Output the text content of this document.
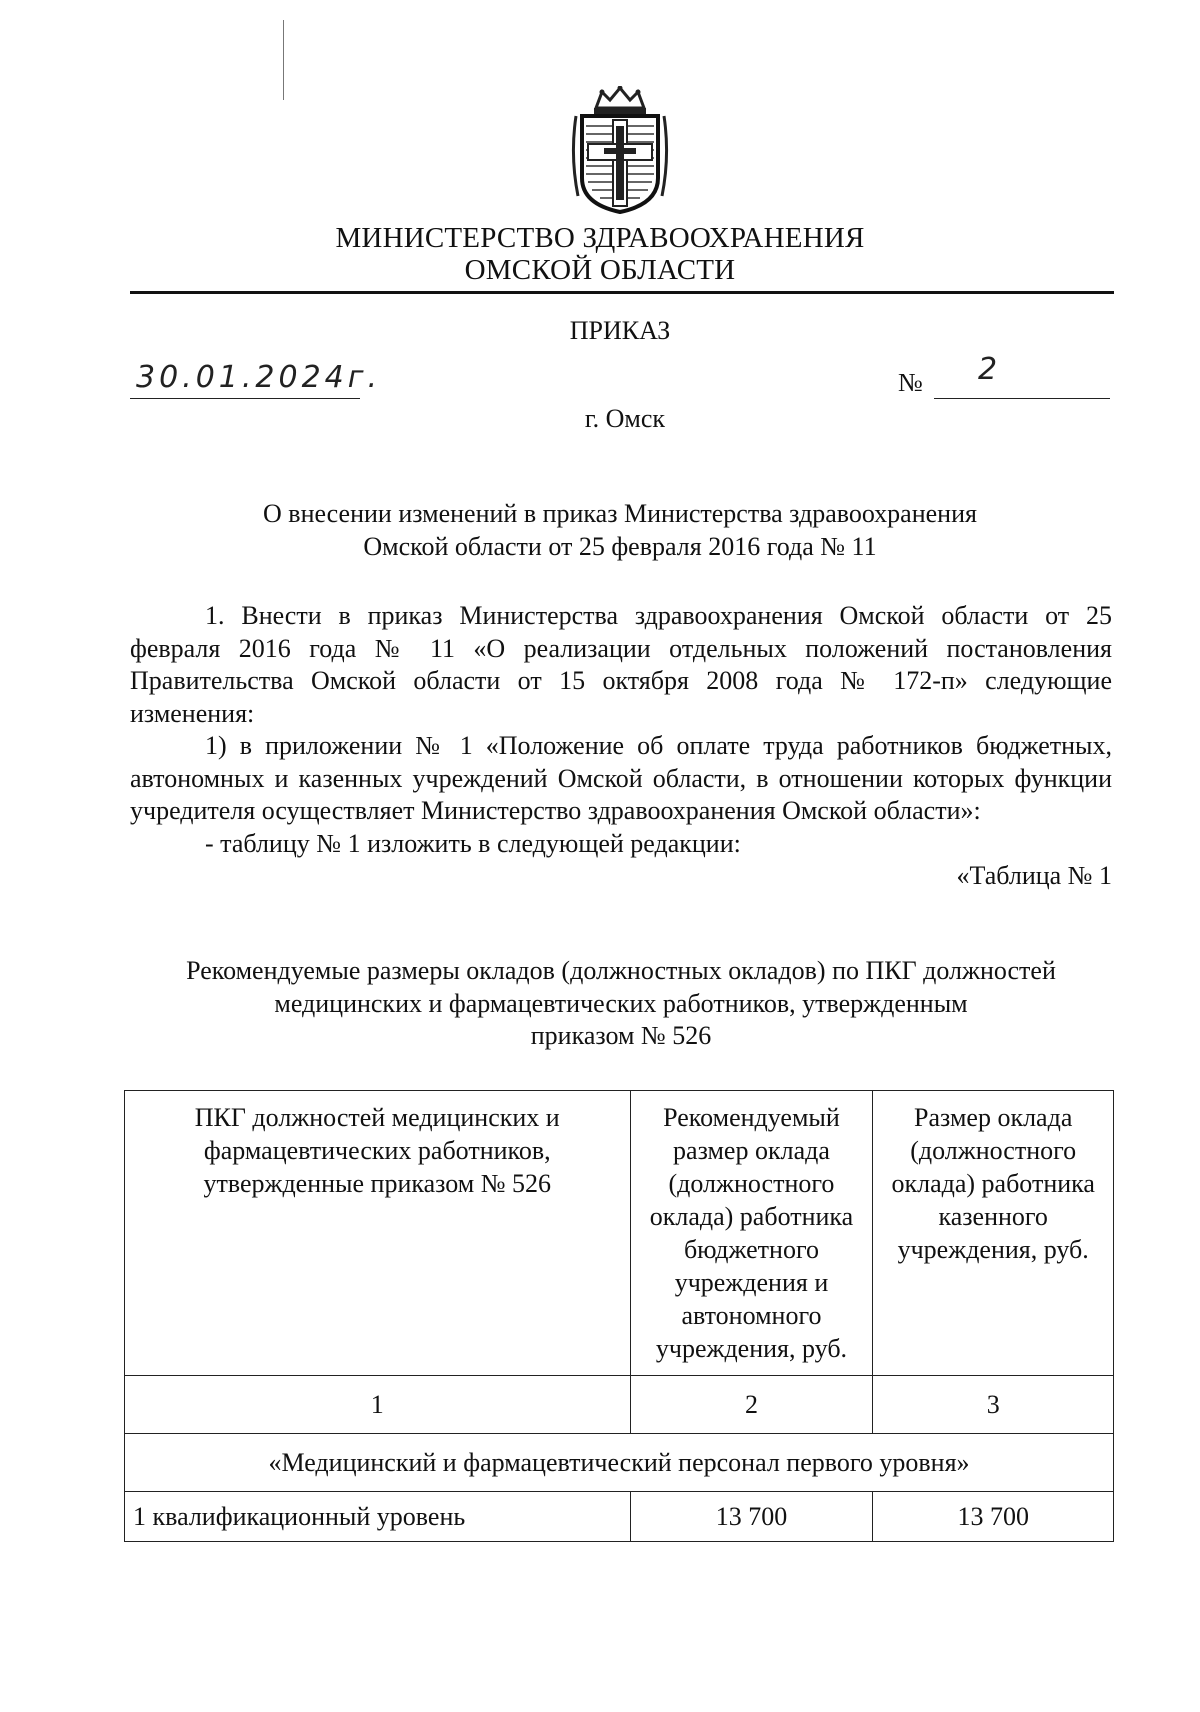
МИНИСТЕРСТВО ЗДРАВООХРАНЕНИЯ
ОМСКОЙ ОБЛАСТИ
ПРИКАЗ
30.01.2024г.	№ 2
г. Омск
О внесении изменений в приказ Министерства здравоохранения
Омской области от 25 февраля 2016 года № 11

1. Внести в приказ Министерства здравоохранения Омской области от 25 февраля 2016 года № 11 «О реализации отдельных положений постановления Правительства Омской области от 15 октября 2008 года № 172-п» следующие изменения:

1) в приложении № 1 «Положение об оплате труда работников бюджетных, автономных и казенных учреждений Омской области, в отношении которых функции учредителя осуществляет Министерство здравоохранения Омской области»:

- таблицу № 1 изложить в следующей редакции:

«Таблица № 1

Рекомендуемые размеры окладов (должностных окладов) по ПКГ должностей
медицинских и фармацевтических работников, утвержденным
приказом № 526
ПКГ должностей медицинских и фармацевтических работников, утвержденные приказом № 526	Рекомендуемый размер оклада (должностного оклада) работника бюджетного учреждения и автономного учреждения, руб.	Размер оклада (должностного оклада) работника казенного учреждения, руб.
1	2	3
«Медицинский и фармацевтический персонал первого уровня»		
1 квалификационный уровень	13 700	13 700
